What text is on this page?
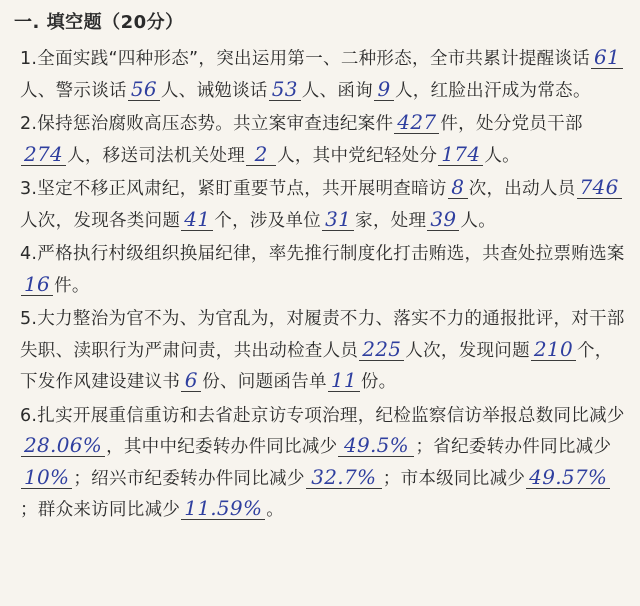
一. 填空题（20分）

1.全面实践“四种形态”，突出运用第一、二种形态，全市共累计提醒谈话 61人、警示谈话 56 人、诫勉谈话 53 人、函询 9 人，红脸出汗成为常态。

2.保持惩治腐败高压态势。共立案审查违纪案件 427 件，处分党员干部274 人，移送司法机关处理 2 人，其中党纪轻处分 174 人。

3.坚定不移正风肃纪，紧盯重要节点，共开展明查暗访 8 次，出动人员 746人次，发现各类问题 41 个，涉及单位 31 家，处理 39 人。

4.严格执行村级组织换届纪律，率先推行制度化打击贿选，共查处拉票贿选案16 件。

5.大力整治为官不为、为官乱为，对履责不力、落实不力的通报批评，对干部失职、渎职行为严肃问责，共出动检查人员 225 人次，发现问题 210 个，下发作风建设建议书 6 份、问题函告单 11 份。

6.扎实开展重信重访和去省赴京访专项治理，纪检监察信访举报总数同比减少28.06% ，其中中纪委转办件同比减少 49.5% ；省纪委转办件同比减少10% ；绍兴市纪委转办件同比减少 32.7% ；市本级同比减少 49.57%；群众来访同比减少 11.59% 。
